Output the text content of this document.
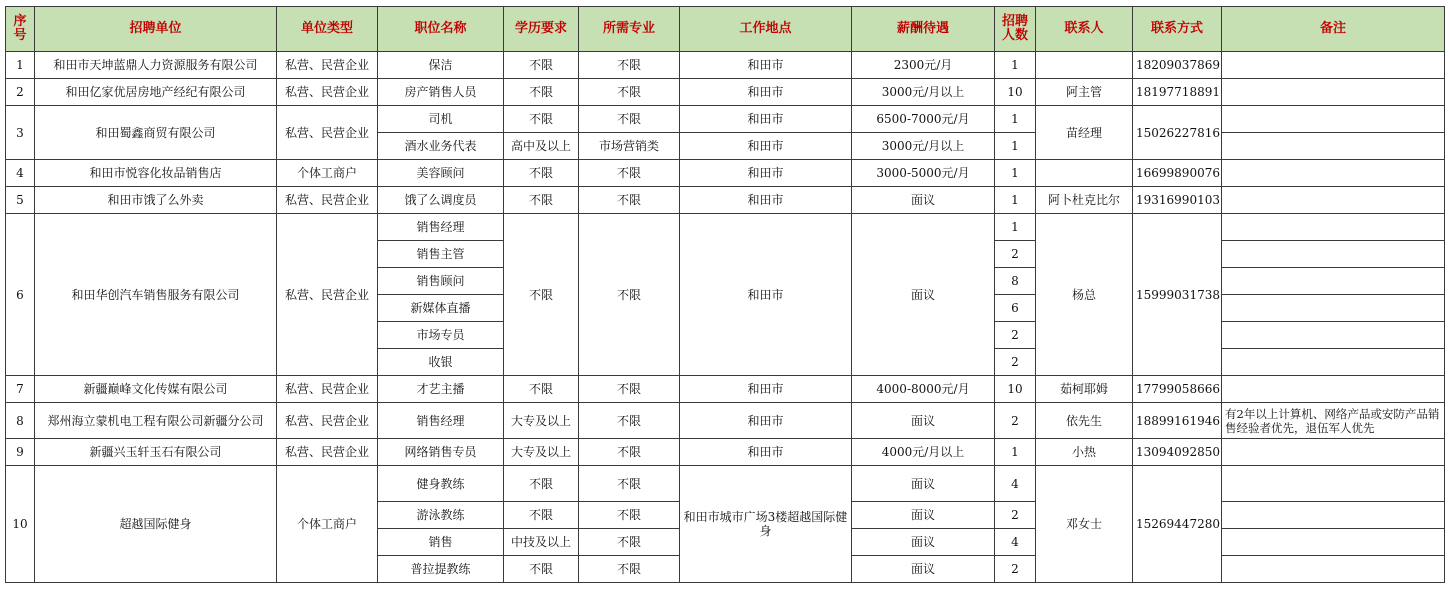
序号	招聘单位	单位类型	职位名称	学历要求	所需专业	工作地点	薪酬待遇	招聘人数	联系人	联系方式	备注
1	和田市天坤蓝鼎人力资源服务有限公司	私营、民营企业	保洁	不限	不限	和田市	2300元/月	1		18209037869	
2	和田亿家优居房地产经纪有限公司	私营、民营企业	房产销售人员	不限	不限	和田市	3000元/月以上	10	阿主管	18197718891	
3	和田蜀鑫商贸有限公司	私营、民营企业	司机	不限	不限	和田市	6500-7000元/月	1	苗经理	15026227816	
			酒水业务代表	高中及以上	市场营销类	和田市	3000元/月以上	1			
4	和田市悦容化妆品销售店	个体工商户	美容顾问	不限	不限	和田市	3000-5000元/月	1		16699890076	
5	和田市饿了么外卖	私营、民营企业	饿了么调度员	不限	不限	和田市	面议	1	阿卜杜克比尔	19316990103	
6	和田华创汽车销售服务有限公司	私营、民营企业	销售经理	不限	不限	和田市	面议	1	杨总	15999031738	
			销售主管					2			
			销售顾问					8			
			新媒体直播					6			
			市场专员					2			
			收银					2			
7	新疆巅峰文化传媒有限公司	私营、民营企业	才艺主播	不限	不限	和田市	4000-8000元/月	10	茹柯耶姆	17799058666	
8	郑州海立蒙机电工程有限公司新疆分公司	私营、民营企业	销售经理	大专及以上	不限	和田市	面议	2	依先生	18899161946	有2年以上计算机、网络产品或安防产品销售经验者优先，退伍军人优先
9	新疆兴玉轩玉石有限公司	私营、民营企业	网络销售专员	大专及以上	不限	和田市	4000元/月以上	1	小热	13094092850	
10	超越国际健身	个体工商户	健身教练	不限	不限	和田市城市广场3楼超越国际健身	面议	4	邓女士	15269447280	
			游泳教练	不限	不限		面议	2			
			销售	中技及以上	不限		面议	4			
			普拉提教练	不限	不限		面议	2			
